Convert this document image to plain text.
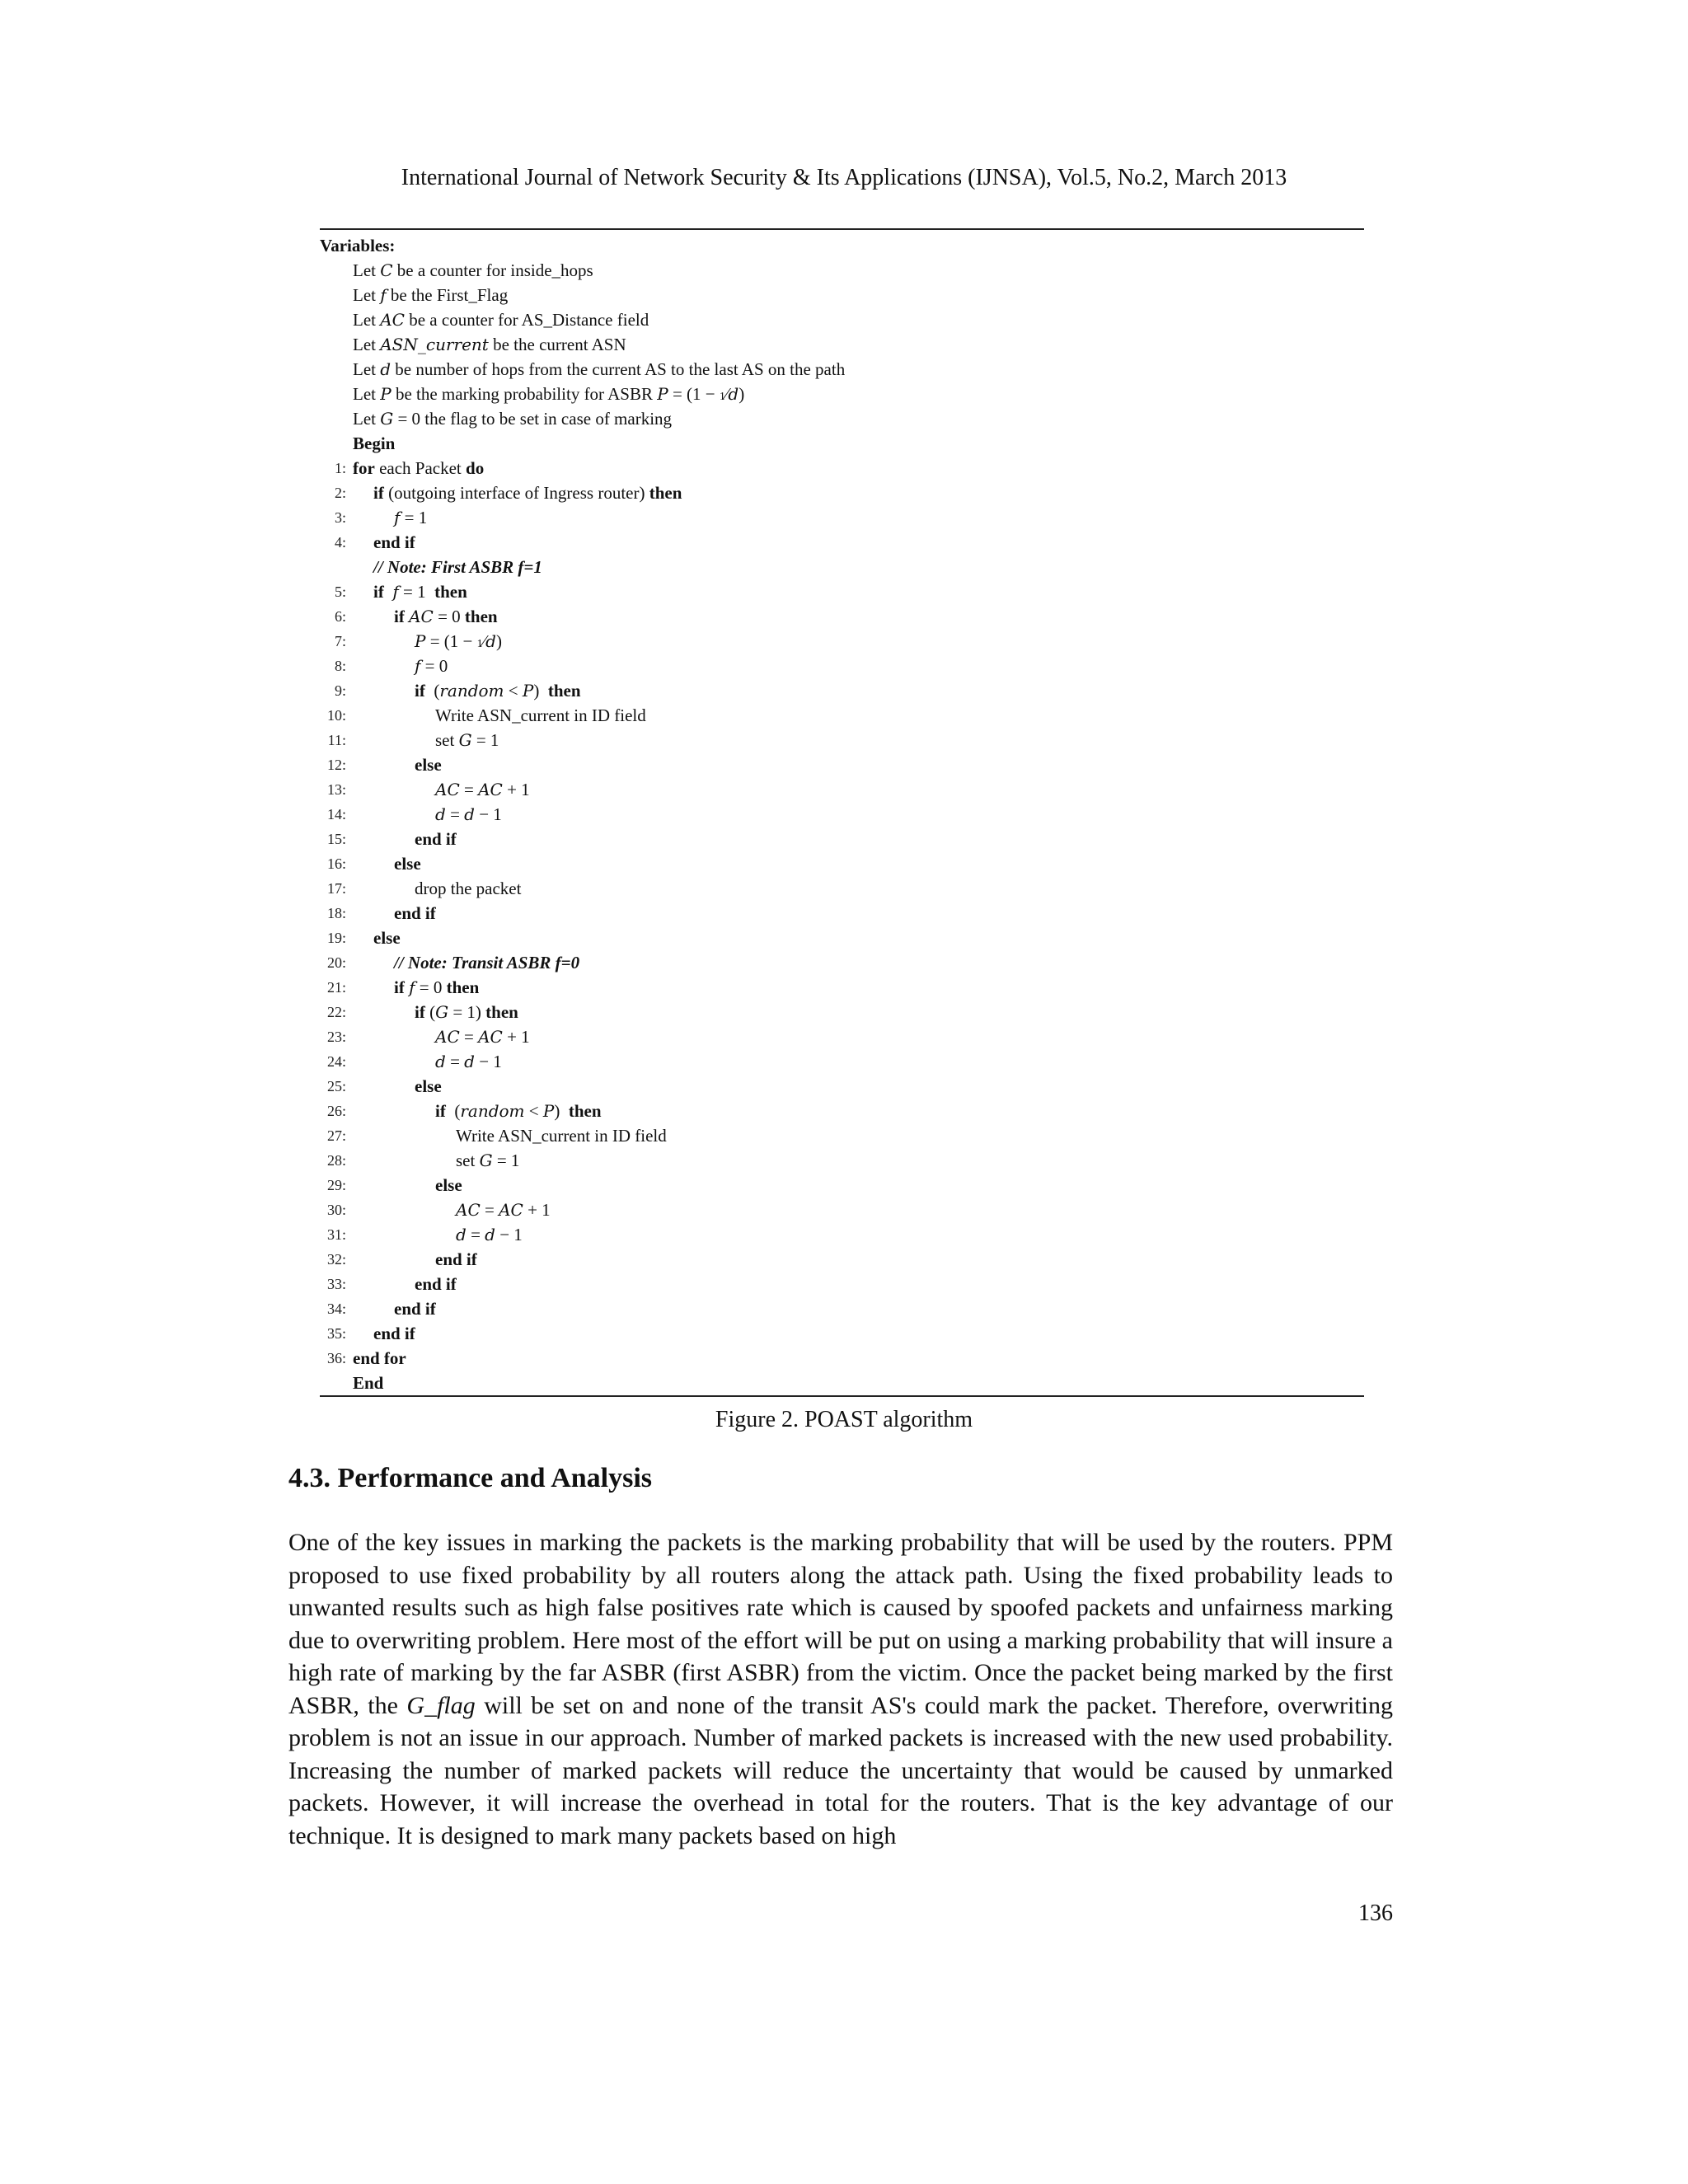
International Journal of Network Security & Its Applications (IJNSA), Vol.5, No.2, March 2013
Variables:
Let C be a counter for inside_hops
Let f be the First_Flag
Let AC be a counter for AS_Distance field
Let ASN_current be the current ASN
Let d be number of hops from the current AS to the last AS on the path
Let P be the marking probability for ASBR P = (1 − 1⁄d)
Let G = 0 the flag to be set in case of marking
Begin
1: for each Packet do
2: if (outgoing interface of Ingress router) then
3:	f = 1
4: end if
// Note: First ASBR f=1
5: if f = 1  then
6:	if AC = 0 then
7:	P = (1 − 1⁄d)
8:	f = 0
9:	if  (random < P)  then
10:	Write ASN_current in ID field
11:	set G = 1
12:	else
13:	AC = AC + 1
14:	d = d − 1
15:	end if
16:	else
17:	drop the packet
18:	end if
19: else
20:	// Note: Transit ASBR f=0
21:	if f = 0 then
22:	if (G = 1) then
23:	AC = AC + 1
24:	d = d − 1
25:	else
26:	if  (random < P)  then
27:	Write ASN_current in ID field
28:	set G = 1
29:	else
30:	AC = AC + 1
31:	d = d − 1
32:	end if
33:	end if
34:	end if
35: end if
36: end for
End
Figure 2. POAST algorithm
4.3. Performance and Analysis
One of the key issues in marking the packets is the marking probability that will be used by the routers. PPM proposed to use fixed probability by all routers along the attack path. Using the fixed probability leads to unwanted results such as high false positives rate which is caused by spoofed packets and unfairness marking due to overwriting problem. Here most of the effort will be put on using a marking probability that will insure a high rate of marking by the far ASBR (first ASBR) from the victim. Once the packet being marked by the first ASBR, the G_flag will be set on and none of the transit AS's could mark the packet. Therefore, overwriting problem is not an issue in our approach. Number of marked packets is increased with the new used probability. Increasing the number of marked packets will reduce the uncertainty that would be caused by unmarked packets. However, it will increase the overhead in total for the routers. That is the key advantage of our technique. It is designed to mark many packets based on high
136
